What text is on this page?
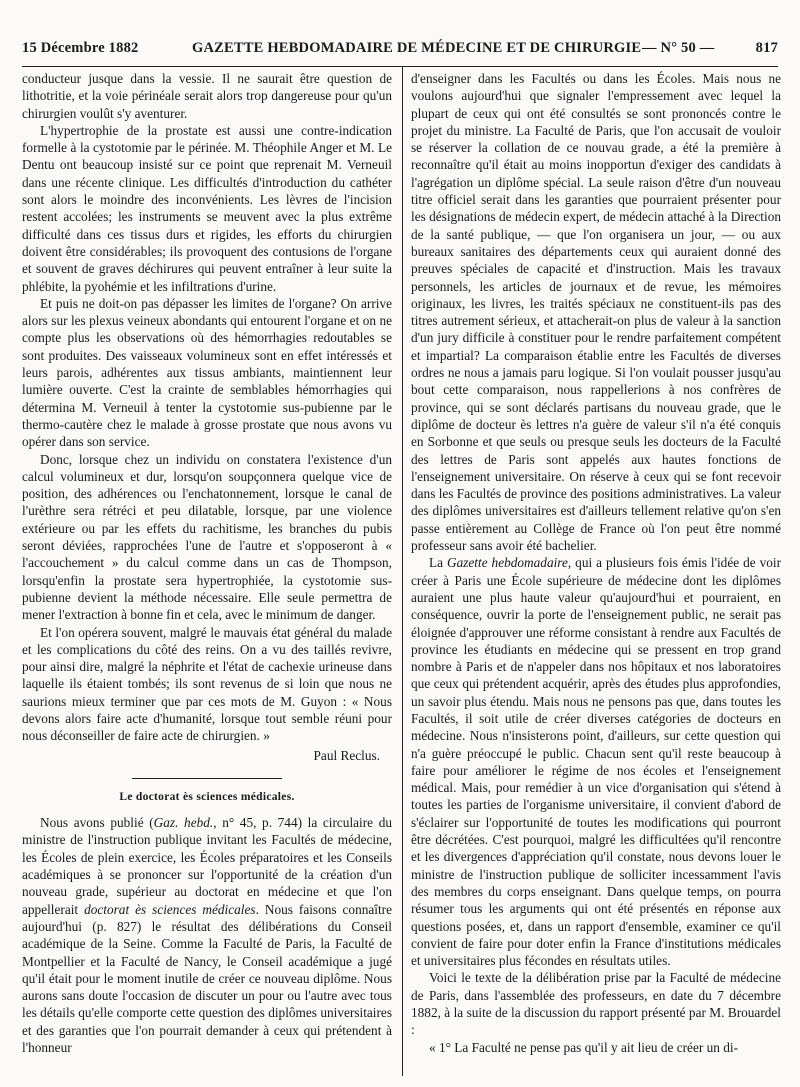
15 Décembre 1882	GAZETTE HEBDOMADAIRE DE MÉDECINE ET DE CHIRURGIE — N° 50 —	817

conducteur jusque dans la vessie. Il ne saurait être question de lithotritie, et la voie périnéale serait alors trop dangereuse pour qu'un chirurgien voulût s'y aventurer.

L'hypertrophie de la prostate est aussi une contre-indication formelle à la cystotomie par le périnée. M. Théophile Anger et M. Le Dentu ont beaucoup insisté sur ce point que reprenait M. Verneuil dans une récente clinique. Les difficultés d'introduction du cathéter sont alors le moindre des inconvénients. Les lèvres de l'incision restent accolées; les instruments se meuvent avec la plus extrême difficulté dans ces tissus durs et rigides, les efforts du chirurgien doivent être considérables; ils provoquent des contusions de l'organe et souvent de graves déchirures qui peuvent entraîner à leur suite la phlébite, la pyohémie et les infiltrations d'urine.

Et puis ne doit-on pas dépasser les limites de l'organe? On arrive alors sur les plexus veineux abondants qui entourent l'organe et on ne compte plus les observations où des hémorrhagies redoutables se sont produites. Des vaisseaux volumineux sont en effet intéressés et leurs parois, adhérentes aux tissus ambiants, maintiennent leur lumière ouverte. C'est la crainte de semblables hémorrhagies qui détermina M. Verneuil à tenter la cystotomie sus-pubienne par le thermo-cautère chez le malade à grosse prostate que nous avons vu opérer dans son service.

Donc, lorsque chez un individu on constatera l'existence d'un calcul volumineux et dur, lorsqu'on soupçonnera quelque vice de position, des adhérences ou l'enchatonnement, lorsque le canal de l'urèthre sera rétréci et peu dilatable, lorsque, par une violence extérieure ou par les effets du rachitisme, les branches du pubis seront déviées, rapprochées l'une de l'autre et s'opposeront à « l'accouchement » du calcul comme dans un cas de Thompson, lorsqu'enfin la prostate sera hypertrophiée, la cystotomie sus-pubienne devient la méthode nécessaire. Elle seule permettra de mener l'extraction à bonne fin et cela, avec le minimum de danger.

Et l'on opérera souvent, malgré le mauvais état général du malade et les complications du côté des reins. On a vu des taillés revivre, pour ainsi dire, malgré la néphrite et l'état de cachexie urineuse dans laquelle ils étaient tombés; ils sont revenus de si loin que nous ne saurions mieux terminer que par ces mots de M. Guyon : « Nous devons alors faire acte d'humanité, lorsque tout semble réuni pour nous déconseiller de faire acte de chirurgien. »

Paul Reclus.

Le doctorat ès sciences médicales.

Nous avons publié (Gaz. hebd., n° 45, p. 744) la circulaire du ministre de l'instruction publique invitant les Facultés de médecine, les Écoles de plein exercice, les Écoles préparatoires et les Conseils académiques à se prononcer sur l'opportunité de la création d'un nouveau grade, supérieur au doctorat en médecine et que l'on appellerait doctorat ès sciences médicales. Nous faisons connaître aujourd'hui (p. 827) le résultat des délibérations du Conseil académique de la Seine. Comme la Faculté de Paris, la Faculté de Montpellier et la Faculté de Nancy, le Conseil académique a jugé qu'il était pour le moment inutile de créer ce nouveau diplôme. Nous aurons sans doute l'occasion de discuter un pour ou l'autre avec tous les détails qu'elle comporte cette question des diplômes universitaires et des garanties que l'on pourrait demander à ceux qui prétendent à l'honneur

d'enseigner dans les Facultés ou dans les Écoles. Mais nous ne voulons aujourd'hui que signaler l'empressement avec lequel la plupart de ceux qui ont été consultés se sont prononcés contre le projet du ministre. La Faculté de Paris, que l'on accusait de vouloir se réserver la collation de ce nouvau grade, a été la première à reconnaître qu'il était au moins inopportun d'exiger des candidats à l'agrégation un diplôme spécial. La seule raison d'être d'un nouveau titre officiel serait dans les garanties que pourraient présenter pour les désignations de médecin expert, de médecin attaché à la Direction de la santé publique, — que l'on organisera un jour, — ou aux bureaux sanitaires des départements ceux qui auraient donné des preuves spéciales de capacité et d'instruction. Mais les travaux personnels, les articles de journaux et de revue, les mémoires originaux, les livres, les traités spéciaux ne constituent-ils pas des titres autrement sérieux, et attacherait-on plus de valeur à la sanction d'un jury difficile à constituer pour le rendre parfaitement compétent et impartial? La comparaison établie entre les Facultés de diverses ordres ne nous a jamais paru logique. Si l'on voulait pousser jusqu'au bout cette comparaison, nous rappellerions à nos confrères de province, qui se sont déclarés partisans du nouveau grade, que le diplôme de docteur ès lettres n'a guère de valeur s'il n'a été conquis en Sorbonne et que seuls ou presque seuls les docteurs de la Faculté des lettres de Paris sont appelés aux hautes fonctions de l'enseignement universitaire. On réserve à ceux qui se font recevoir dans les Facultés de province des positions administratives. La valeur des diplômes universitaires est d'ailleurs tellement relative qu'on s'en passe entièrement au Collège de France où l'on peut être nommé professeur sans avoir été bachelier.

La Gazette hebdomadaire, qui a plusieurs fois émis l'idée de voir créer à Paris une École supérieure de médecine dont les diplômes auraient une plus haute valeur qu'aujourd'hui et pourraient, en conséquence, ouvrir la porte de l'enseignement public, ne serait pas éloignée d'approuver une réforme consistant à rendre aux Facultés de province les étudiants en médecine qui se pressent en trop grand nombre à Paris et de n'appeler dans nos hôpitaux et nos laboratoires que ceux qui prétendent acquérir, après des études plus approfondies, un savoir plus étendu. Mais nous ne pensons pas que, dans toutes les Facultés, il soit utile de créer diverses catégories de docteurs en médecine. Nous n'insisterons point, d'ailleurs, sur cette question qui n'a guère préoccupé le public. Chacun sent qu'il reste beaucoup à faire pour améliorer le régime de nos écoles et l'enseignement médical. Mais, pour remédier à un vice d'organisation qui s'étend à toutes les parties de l'organisme universitaire, il convient d'abord de s'éclairer sur l'opportunité de toutes les modifications qui pourront être décrétées. C'est pourquoi, malgré les difficultées qu'il rencontre et les divergences d'appréciation qu'il constate, nous devons louer le ministre de l'instruction publique de solliciter incessamment l'avis des membres du corps enseignant. Dans quelque temps, on pourra résumer tous les arguments qui ont été présentés en réponse aux questions posées, et, dans un rapport d'ensemble, examiner ce qu'il convient de faire pour doter enfin la France d'institutions médicales et universitaires plus fécondes en résultats utiles.

Voici le texte de la délibération prise par la Faculté de médecine de Paris, dans l'assemblée des professeurs, en date du 7 décembre 1882, à la suite de la discussion du rapport présenté par M. Brouardel :

« 1° La Faculté ne pense pas qu'il y ait lieu de créer un di-
